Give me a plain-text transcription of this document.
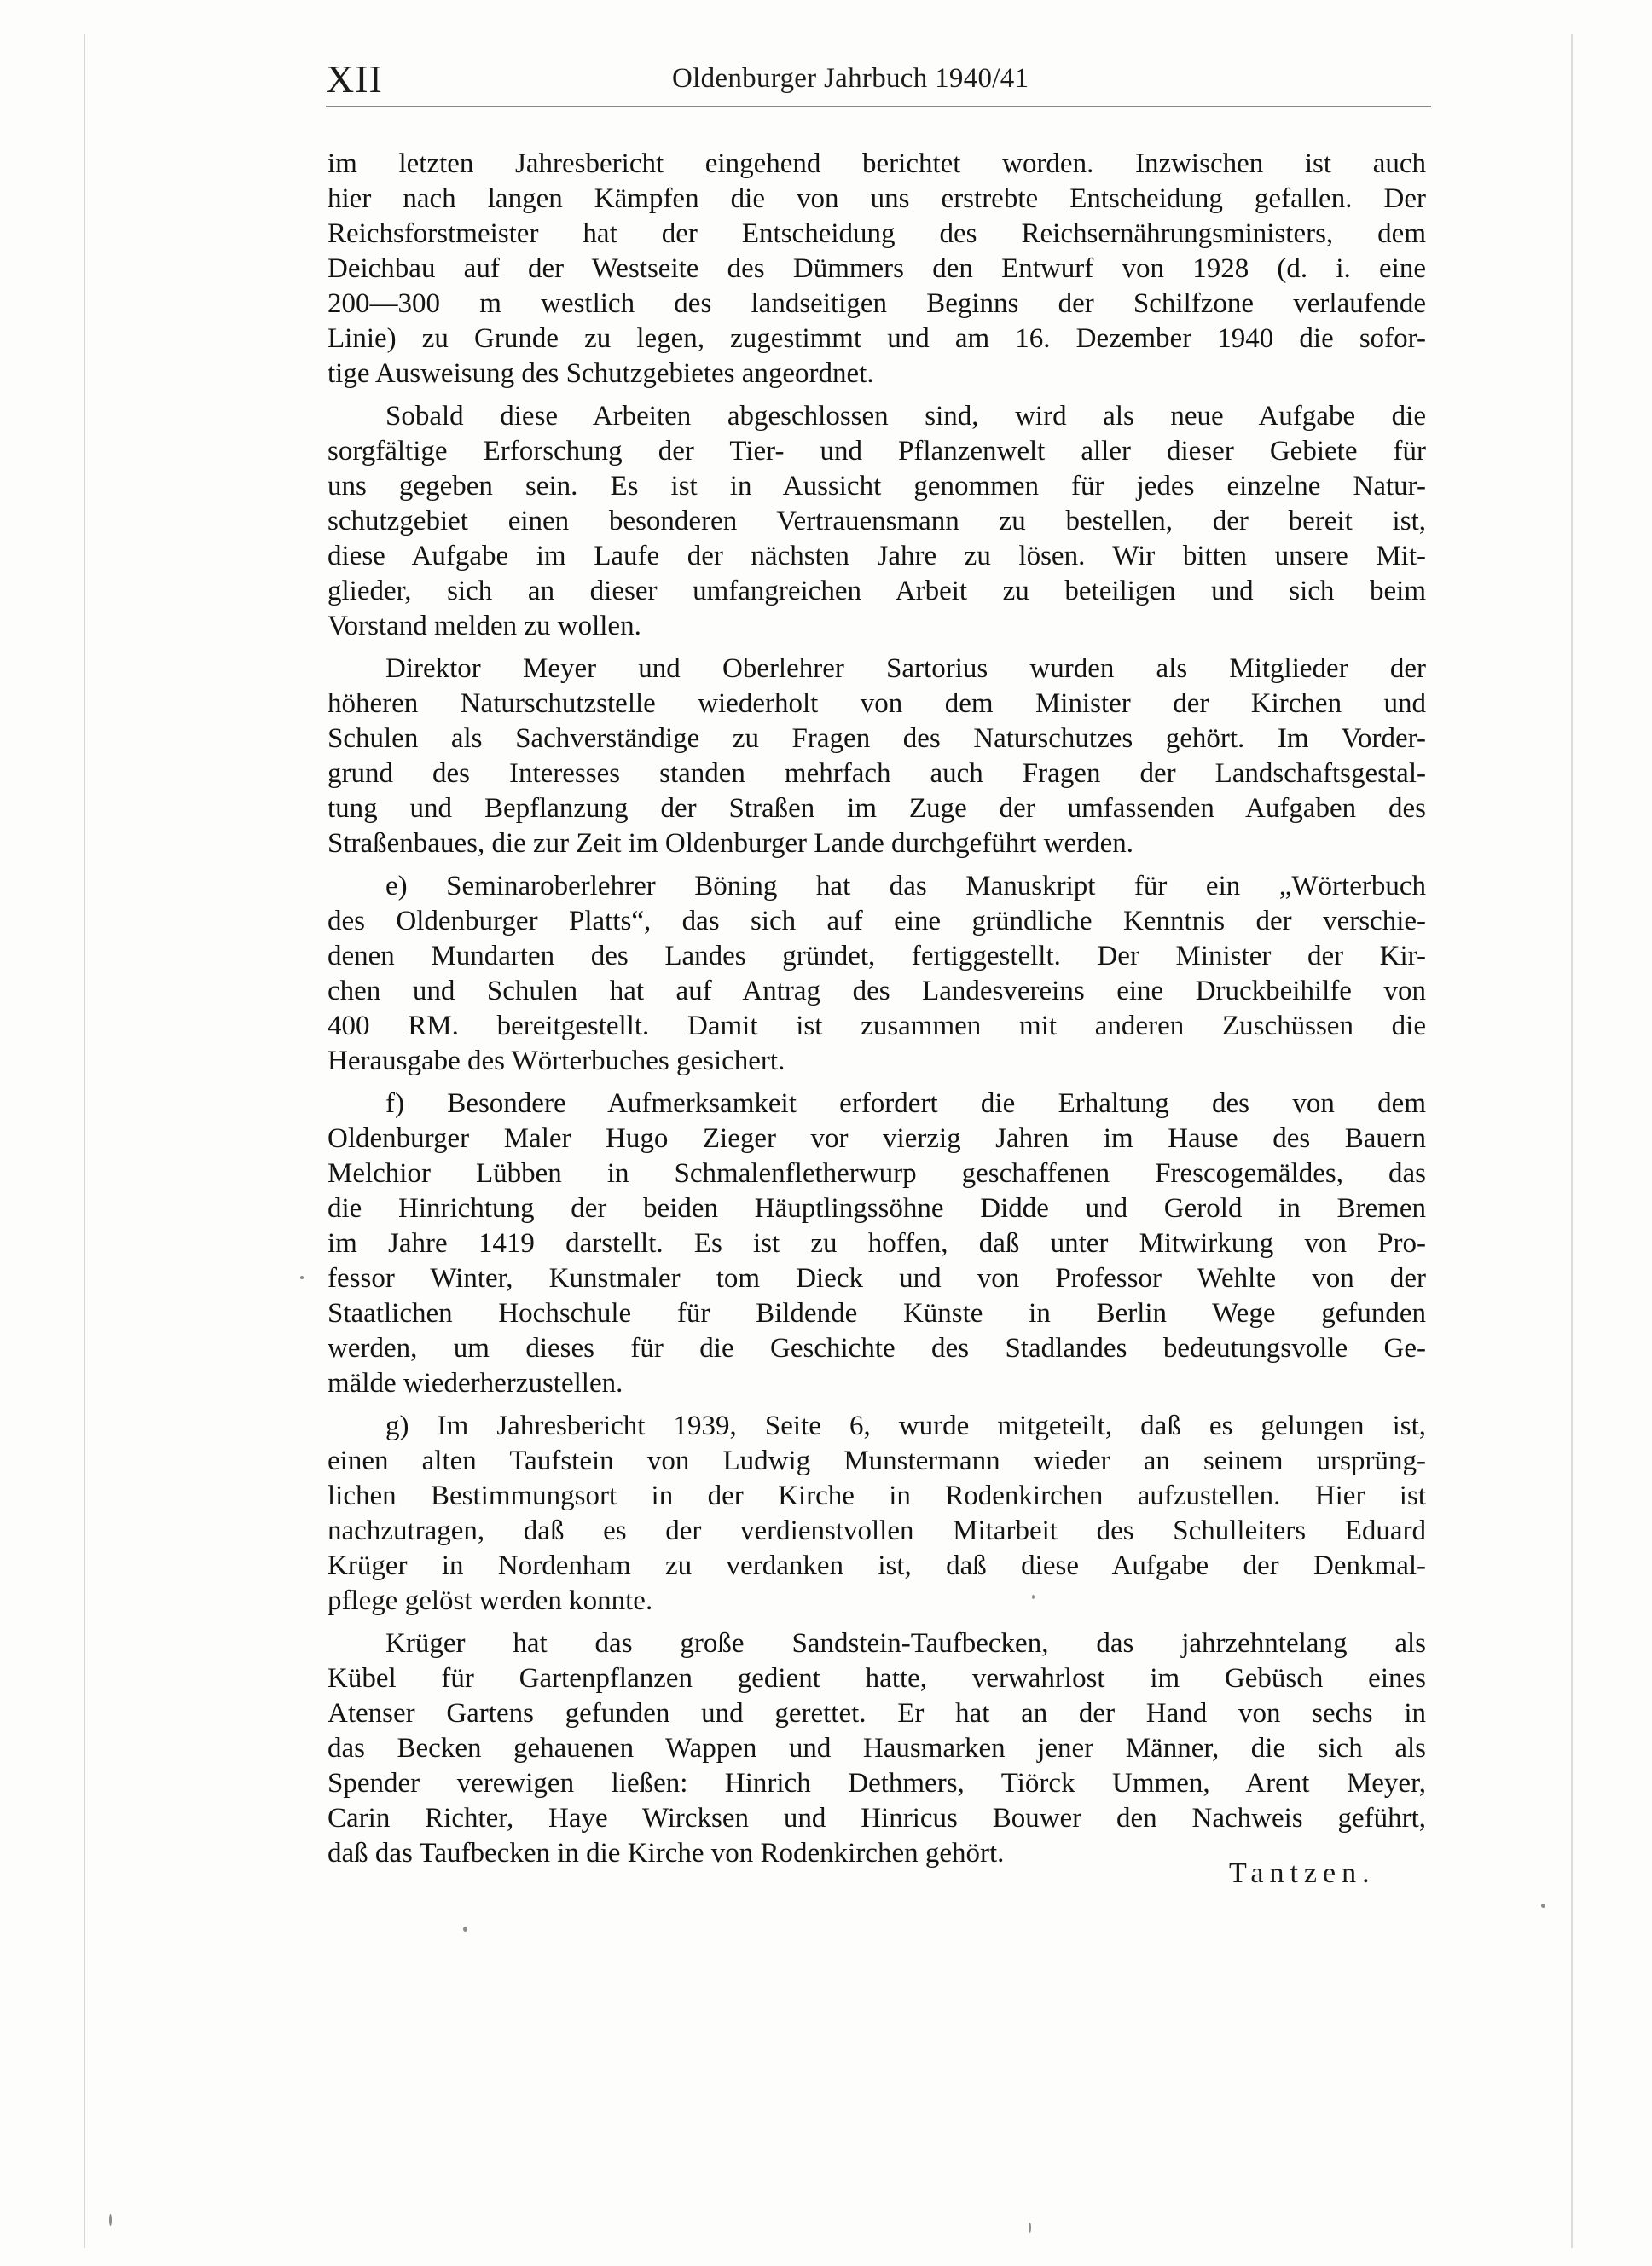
XII	Oldenburger Jahrbuch 1940/41
im letzten Jahresbericht eingehend berichtet worden. Inzwischen ist auch
hier nach langen Kämpfen die von uns erstrebte Entscheidung gefallen. Der
Reichsforstmeister hat der Entscheidung des Reichsernährungsministers, dem
Deichbau auf der Westseite des Dümmers den Entwurf von 1928 (d. i. eine
200—300 m westlich des landseitigen Beginns der Schilfzone verlaufende
Linie) zu Grunde zu legen, zugestimmt und am 16. Dezember 1940 die sofor-
tige Ausweisung des Schutzgebietes angeordnet.
Sobald diese Arbeiten abgeschlossen sind, wird als neue Aufgabe die
sorgfältige Erforschung der Tier- und Pflanzenwelt aller dieser Gebiete für
uns gegeben sein. Es ist in Aussicht genommen für jedes einzelne Natur-
schutzgebiet einen besonderen Vertrauensmann zu bestellen, der bereit ist,
diese Aufgabe im Laufe der nächsten Jahre zu lösen. Wir bitten unsere Mit-
glieder, sich an dieser umfangreichen Arbeit zu beteiligen und sich beim
Vorstand melden zu wollen.
Direktor Meyer und Oberlehrer Sartorius wurden als Mitglieder der
höheren Naturschutzstelle wiederholt von dem Minister der Kirchen und
Schulen als Sachverständige zu Fragen des Naturschutzes gehört. Im Vorder-
grund des Interesses standen mehrfach auch Fragen der Landschaftsgestal-
tung und Bepflanzung der Straßen im Zuge der umfassenden Aufgaben des
Straßenbaues, die zur Zeit im Oldenburger Lande durchgeführt werden.
e) Seminaroberlehrer Böning hat das Manuskript für ein „Wörterbuch
des Oldenburger Platts“, das sich auf eine gründliche Kenntnis der verschie-
denen Mundarten des Landes gründet, fertiggestellt. Der Minister der Kir-
chen und Schulen hat auf Antrag des Landesvereins eine Druckbeihilfe von
400 RM. bereitgestellt. Damit ist zusammen mit anderen Zuschüssen die
Herausgabe des Wörterbuches gesichert.
f) Besondere Aufmerksamkeit erfordert die Erhaltung des von dem
Oldenburger Maler Hugo Zieger vor vierzig Jahren im Hause des Bauern
Melchior Lübben in Schmalenfletherwurp geschaffenen Frescogemäldes, das
die Hinrichtung der beiden Häuptlingssöhne Didde und Gerold in Bremen
im Jahre 1419 darstellt. Es ist zu hoffen, daß unter Mitwirkung von Pro-
fessor Winter, Kunstmaler tom Dieck und von Professor Wehlte von der
Staatlichen Hochschule für Bildende Künste in Berlin Wege gefunden
werden, um dieses für die Geschichte des Stadlandes bedeutungsvolle Ge-
mälde wiederherzustellen.
g) Im Jahresbericht 1939, Seite 6, wurde mitgeteilt, daß es gelungen ist,
einen alten Taufstein von Ludwig Munstermann wieder an seinem ursprüng-
lichen Bestimmungsort in der Kirche in Rodenkirchen aufzustellen. Hier ist
nachzutragen, daß es der verdienstvollen Mitarbeit des Schulleiters Eduard
Krüger in Nordenham zu verdanken ist, daß diese Aufgabe der Denkmal-
pflege gelöst werden konnte.
Krüger hat das große Sandstein-Taufbecken, das jahrzehntelang als
Kübel für Gartenpflanzen gedient hatte, verwahrlost im Gebüsch eines
Atenser Gartens gefunden und gerettet. Er hat an der Hand von sechs in
das Becken gehauenen Wappen und Hausmarken jener Männer, die sich als
Spender verewigen ließen: Hinrich Dethmers, Tiörck Ummen, Arent Meyer,
Carin Richter, Haye Wircksen und Hinricus Bouwer den Nachweis geführt,
daß das Taufbecken in die Kirche von Rodenkirchen gehört.
Tantzen.
